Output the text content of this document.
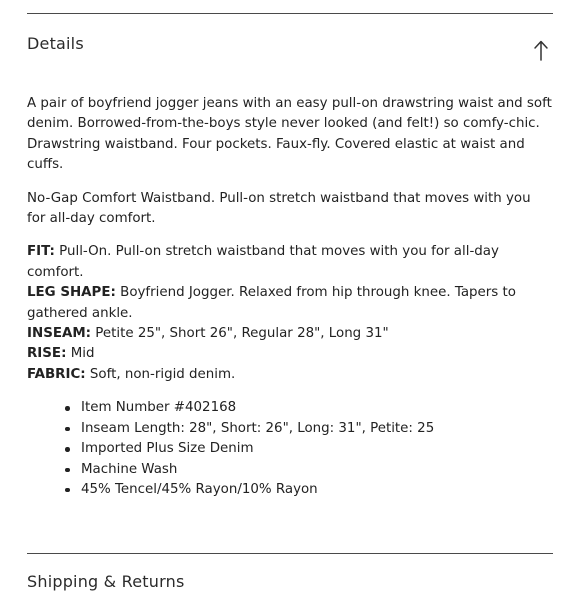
Details

A pair of boyfriend jogger jeans with an easy pull-on drawstring waist and soft denim. Borrowed-from-the-boys style never looked (and felt!) so comfy-chic. Drawstring waistband. Four pockets. Faux-fly. Covered elastic at waist and cuffs.

No-Gap Comfort Waistband. Pull-on stretch waistband that moves with you for all-day comfort.

FIT: Pull-On. Pull-on stretch waistband that moves with you for all-day comfort.
LEG SHAPE: Boyfriend Jogger. Relaxed from hip through knee. Tapers to gathered ankle.
INSEAM: Petite 25", Short 26", Regular 28", Long 31"
RISE: Mid
FABRIC: Soft, non-rigid denim.
Item Number #402168
Inseam Length: 28", Short: 26", Long: 31", Petite: 25
Imported Plus Size Denim
Machine Wash
45% Tencel/45% Rayon/10% Rayon
Shipping & Returns
